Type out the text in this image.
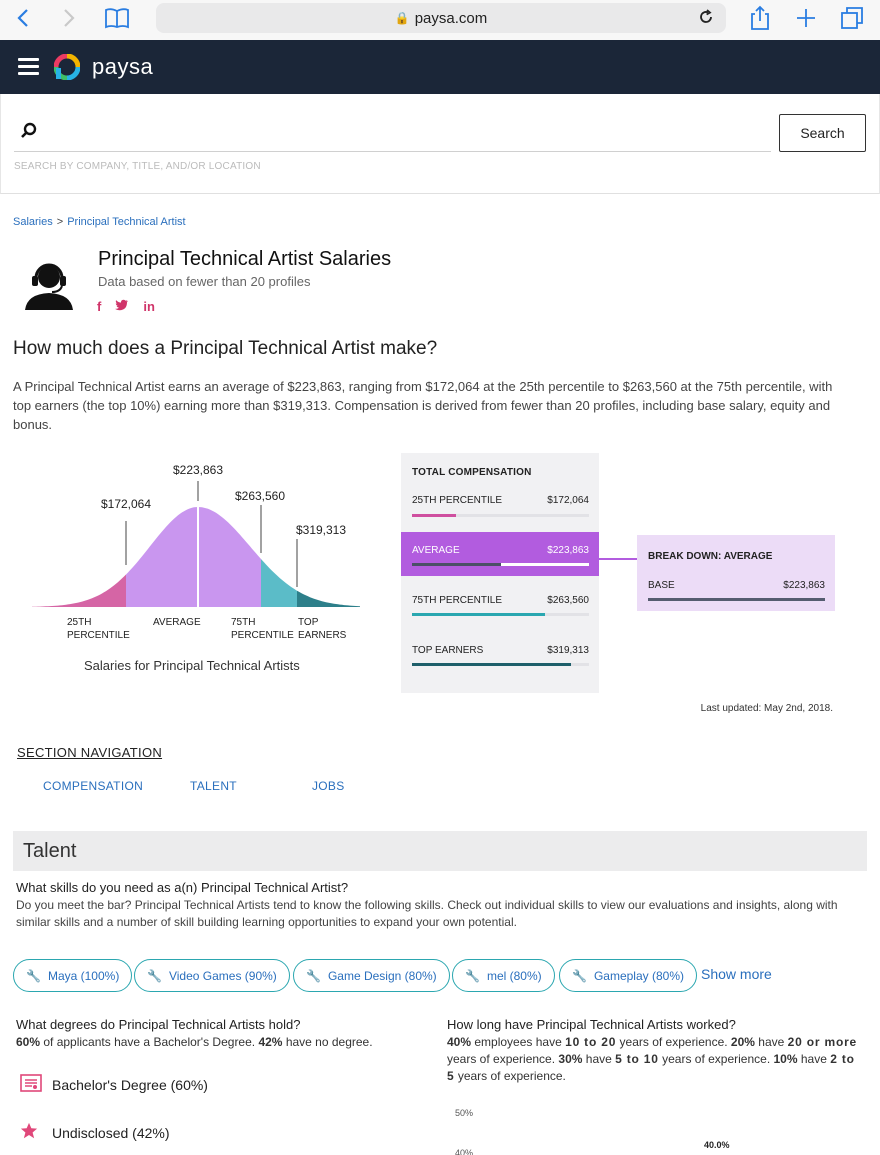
🔒 paysa.com
paysa
Search
SEARCH BY COMPANY, TITLE, AND/OR LOCATION
Salaries > Principal Technical Artist
Principal Technical Artist Salaries
Data based on fewer than 20 profiles
f	in
How much does a Principal Technical Artist make?
A Principal Technical Artist earns an average of $223,863, ranging from $172,064 at the 25th percentile to $263,560 at the 75th percentile, with top earners (the top 10%) earning more than $319,313. Compensation is derived from fewer than 20 profiles, including base salary, equity and bonus.
$172,064
$223,863
$263,560
$319,313
25TH
PERCENTILE
AVERAGE	75TH
PERCENTILE
TOP
EARNERS
Salaries for Principal Technical Artists
TOTAL COMPENSATION
25TH PERCENTILE	$172,064
AVERAGE	$223,863
75TH PERCENTILE	$263,560
TOP EARNERS	$319,313
BREAK DOWN: AVERAGE
BASE	$223,863
Last updated: May 2nd, 2018.
SECTION NAVIGATION
COMPENSATION	TALENT	JOBS
Talent
What skills do you need as a(n) Principal Technical Artist?
Do you meet the bar? Principal Technical Artists tend to know the following skills. Check out individual skills to view our evaluations and insights, along with similar skills and a number of skill building learning opportunities to expand your own potential.
🔧 Maya (100%) 🔧 Video Games (90%) 🔧 Game Design (80%) 🔧 mel (80%)	🔧 Gameplay (80%) Show more
What degrees do Principal Technical Artists hold?
60% of applicants have a Bachelor's Degree. 42% have no degree.
Bachelor's Degree (60%)
Undisclosed (42%)
How long have Principal Technical Artists worked?
40% employees have 10 to 20 years of experience. 20% have 20 or more years of experience. 30% have 5 to 10 years of experience. 10% have 2 to 5 years of experience.
50%
40%
40.0%
